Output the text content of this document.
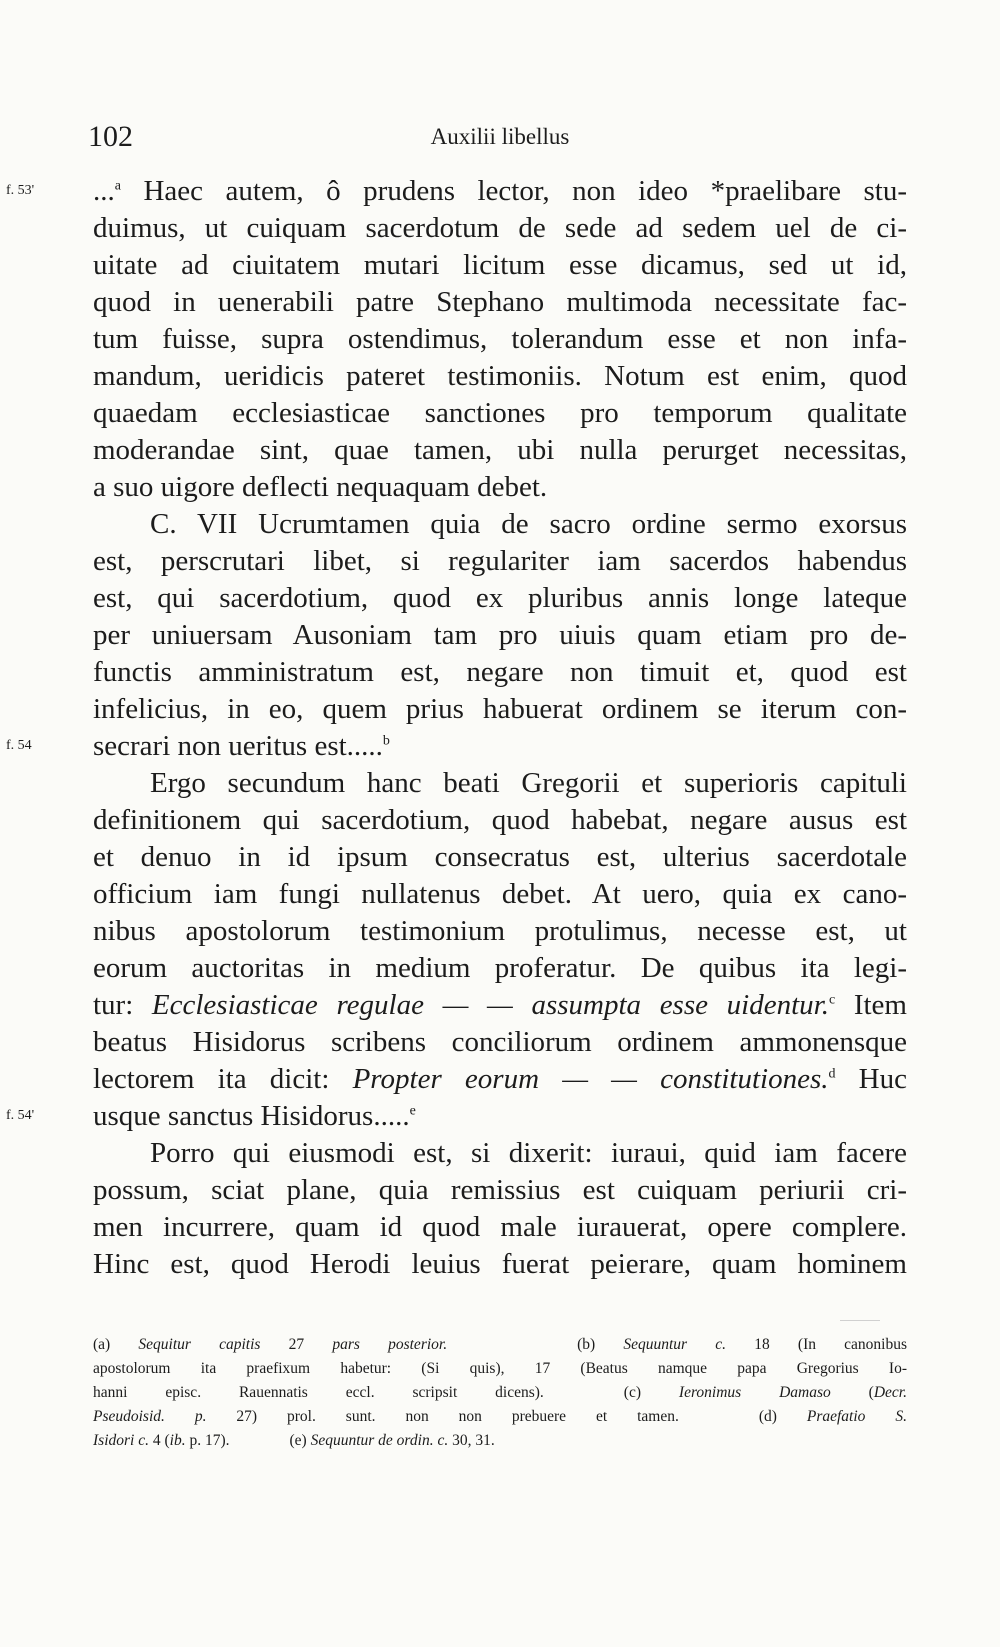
102	Auxilii libellus
f. 53'	...$^a$ Haec autem, ô prudens lector, non ideo *praelibare stu-
duimus, ut cuiquam sacerdotum de sede ad sedem uel de ci-
uitate ad ciuitatem mutari licitum esse dicamus, sed ut id,
quod in uenerabili patre Stephano multimoda necessitate fac-
tum fuisse, supra ostendimus, tolerandum esse et non infa-
mandum, ueridicis pateret testimoniis. Notum est enim, quod
quaedam ecclesiasticae sanctiones pro temporum qualitate
moderandae sint, quae tamen, ubi nulla perurget necessitas,
a suo uigore deflecti nequaquam debet.
C. VII Ucrumtamen quia de sacro ordine sermo exorsus
est, perscrutari libet, si regulariter iam sacerdos habendus
est, qui sacerdotium, quod ex pluribus annis longe lateque
per uniuersam Ausoniam tam pro uiuis quam etiam pro de-
functis amministratum est, negare non timuit et, quod est
infelicius, in eo, quem prius habuerat ordinem se iterum con-
f. 54	secrari non ueritus est.....$^b$
Ergo secundum hanc beati Gregorii et superioris capituli
definitionem qui sacerdotium, quod habebat, negare ausus est
et denuo in id ipsum consecratus est, ulterius sacerdotale
officium iam fungi nullatenus debet. At uero, quia ex cano-
nibus apostolorum testimonium protulimus, necesse est, ut
eorum auctoritas in medium proferatur. De quibus ita legi-
tur: Ecclesiasticae regulae — — assumpta esse uidentur.$^c$ Item
beatus Hisidorus scribens conciliorum ordinem ammonensque
lectorem ita dicit: Propter eorum — — constitutiones.$^d$ Huc
f. 54'	usque sanctus Hisidorus.....$^e$
Porro qui eiusmodi est, si dixerit: iuraui, quid iam facere
possum, sciat plane, quia remissius est cuiquam periurii cri-
men incurrere, quam id quod male iurauerat, opere complere.
Hinc est, quod Herodi leuius fuerat peierare, quam hominem
(a) Sequitur capitis 27 pars posterior.	(b) Sequuntur c. 18 (In canonibus
apostolorum ita praefixum habetur: (Si quis), 17 (Beatus namque papa Gregorius Io-
hanni episc. Rauennatis eccl. scripsit dicens).	(c) Ieronimus Damaso (Decr.
Pseudoisid. p. 27) prol. sunt. non non prebuere et tamen.	(d) Praefatio S.
Isidori c. 4 (ib. p. 17).	(e) Sequuntur de ordin. c. 30, 31.
